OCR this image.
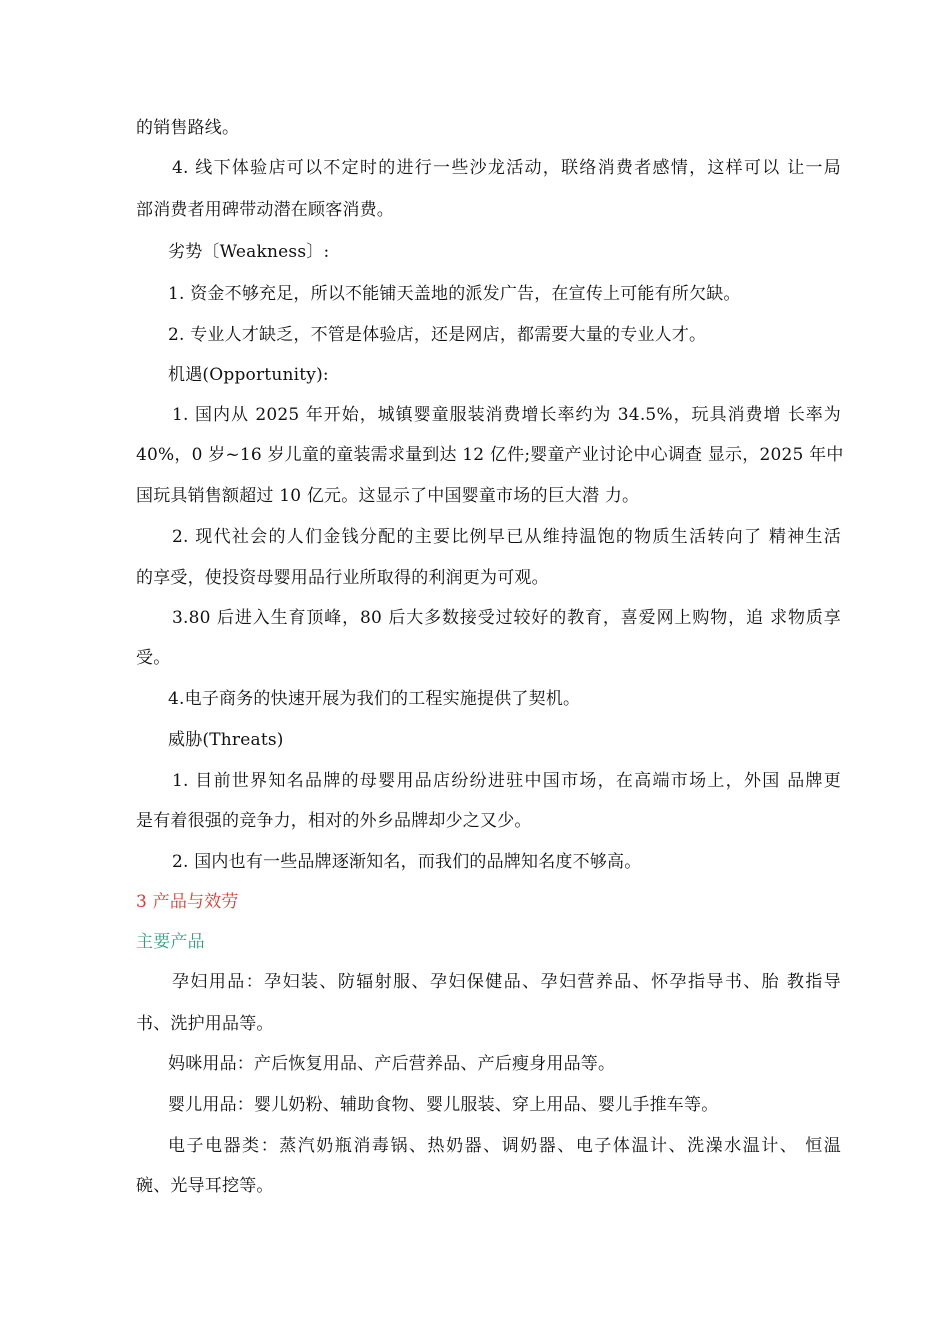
的销售路线。
4. 线下体验店可以不定时的进行一些沙龙活动，联络消费者感情，这样可以 让一局
部消费者用碑带动潜在顾客消费。
劣势〔Weakness〕:
1. 资金不够充足，所以不能铺天盖地的派发广告，在宣传上可能有所欠缺。
2. 专业人才缺乏，不管是体验店，还是网店，都需要大量的专业人才。
机遇(Opportunity):
1. 国内从 2025 年开始，城镇婴童服装消费增长率约为 34.5%，玩具消费增 长率为
40%，0 岁~16 岁儿童的童装需求量到达 12 亿件;婴童产业讨论中心调查 显示，2025 年中
国玩具销售额超过 10 亿元。这显示了中国婴童市场的巨大潜 力。
2. 现代社会的人们金钱分配的主要比例早已从维持温饱的物质生活转向了 精神生活
的享受，使投资母婴用品行业所取得的利润更为可观。
3.80 后进入生育顶峰，80 后大多数接受过较好的教育，喜爱网上购物，追 求物质享
受。
4.电子商务的快速开展为我们的工程实施提供了契机。
威胁(Threats)
1. 目前世界知名品牌的母婴用品店纷纷进驻中国市场，在高端市场上，外国 品牌更
是有着很强的竞争力，相对的外乡品牌却少之又少。
2. 国内也有一些品牌逐渐知名，而我们的品牌知名度不够高。
3 产品与效劳
主要产品
孕妇用品：孕妇装、防辐射服、孕妇保健品、孕妇营养品、怀孕指导书、胎 教指导
书、洗护用品等。
妈咪用品：产后恢复用品、产后营养品、产后瘦身用品等。
婴儿用品：婴儿奶粉、辅助食物、婴儿服装、穿上用品、婴儿手推车等。
电子电器类：蒸汽奶瓶消毒锅、热奶器、调奶器、电子体温计、洗澡水温计、 恒温
碗、光导耳挖等。
